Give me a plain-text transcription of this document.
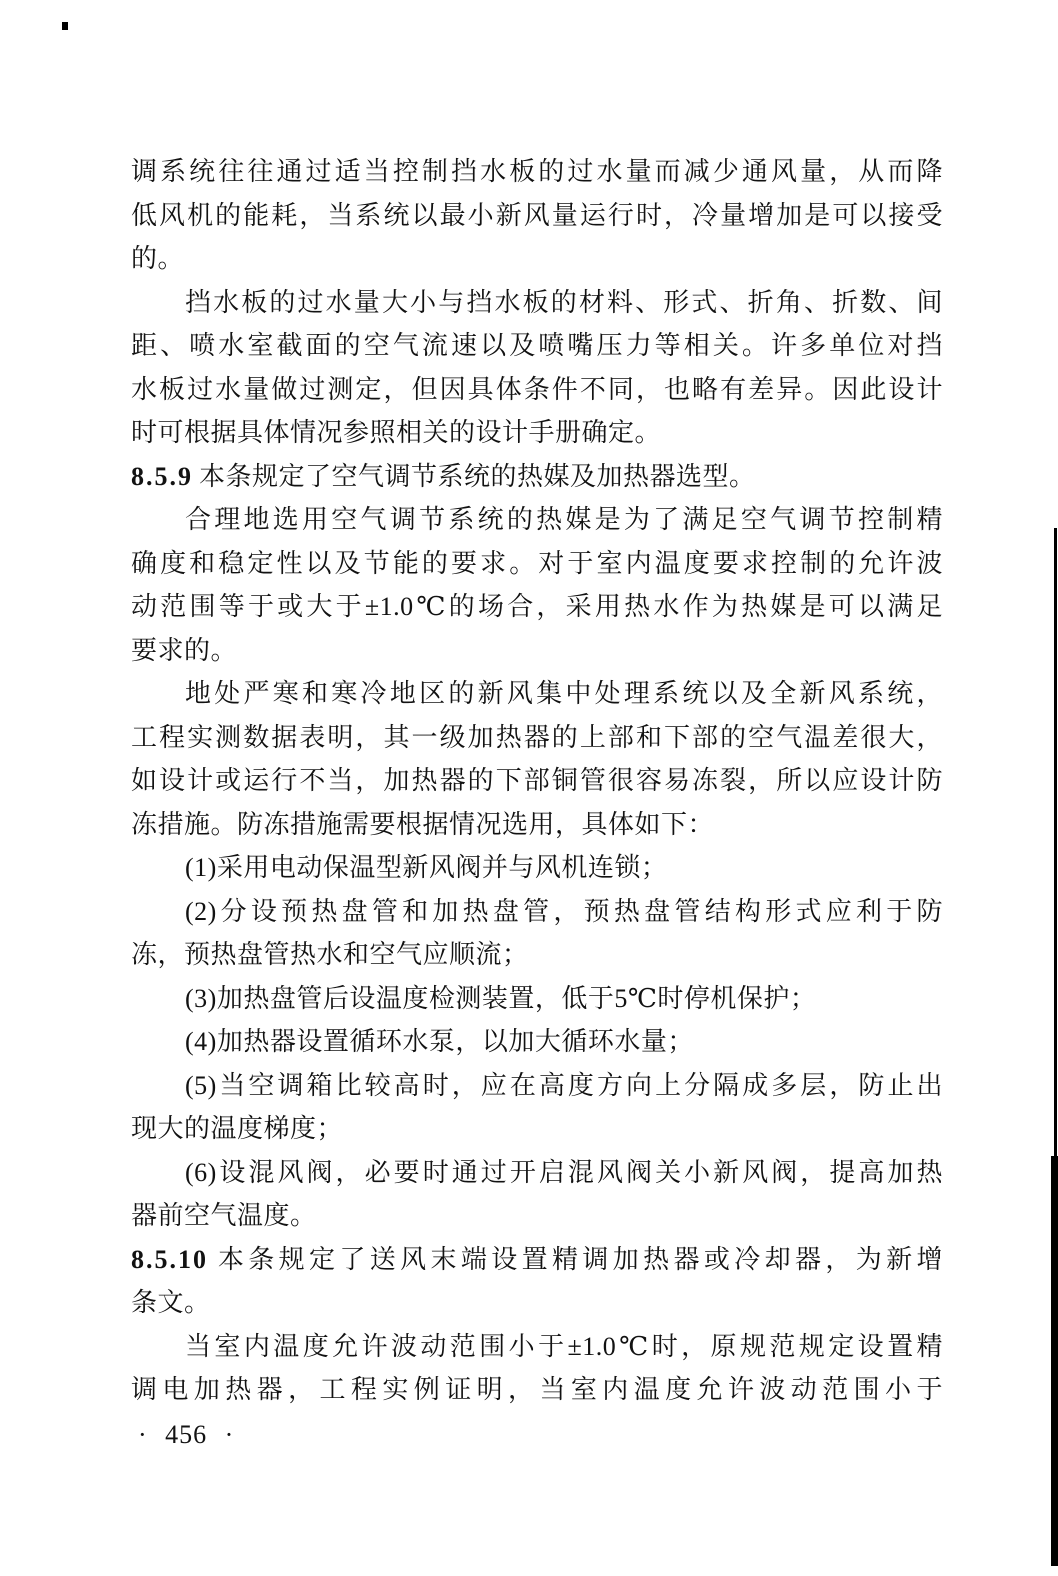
调系统往往通过适当控制挡水板的过水量而减少通风量，从而降
低风机的能耗，当系统以最小新风量运行时，冷量增加是可以接受
的。
挡水板的过水量大小与挡水板的材料、形式、折角、折数、间
距、喷水室截面的空气流速以及喷嘴压力等相关。许多单位对挡
水板过水量做过测定，但因具体条件不同，也略有差异。因此设计
时可根据具体情况参照相关的设计手册确定。
8.5.9 本条规定了空气调节系统的热媒及加热器选型。
合理地选用空气调节系统的热媒是为了满足空气调节控制精
确度和稳定性以及节能的要求。对于室内温度要求控制的允许波
动范围等于或大于±1.0℃的场合，采用热水作为热媒是可以满足
要求的。
地处严寒和寒冷地区的新风集中处理系统以及全新风系统，
工程实测数据表明，其一级加热器的上部和下部的空气温差很大，
如设计或运行不当，加热器的下部铜管很容易冻裂，所以应设计防
冻措施。防冻措施需要根据情况选用，具体如下：
(1)采用电动保温型新风阀并与风机连锁；
(2)分设预热盘管和加热盘管，预热盘管结构形式应利于防
冻，预热盘管热水和空气应顺流；
(3)加热盘管后设温度检测装置，低于5℃时停机保护；
(4)加热器设置循环水泵，以加大循环水量；
(5)当空调箱比较高时，应在高度方向上分隔成多层，防止出
现大的温度梯度；
(6)设混风阀，必要时通过开启混风阀关小新风阀，提高加热
器前空气温度。
8.5.10 本条规定了送风末端设置精调加热器或冷却器，为新增
条文。
当室内温度允许波动范围小于±1.0℃时，原规范规定设置精
调电加热器，工程实例证明，当室内温度允许波动范围小于
· 456 ·
